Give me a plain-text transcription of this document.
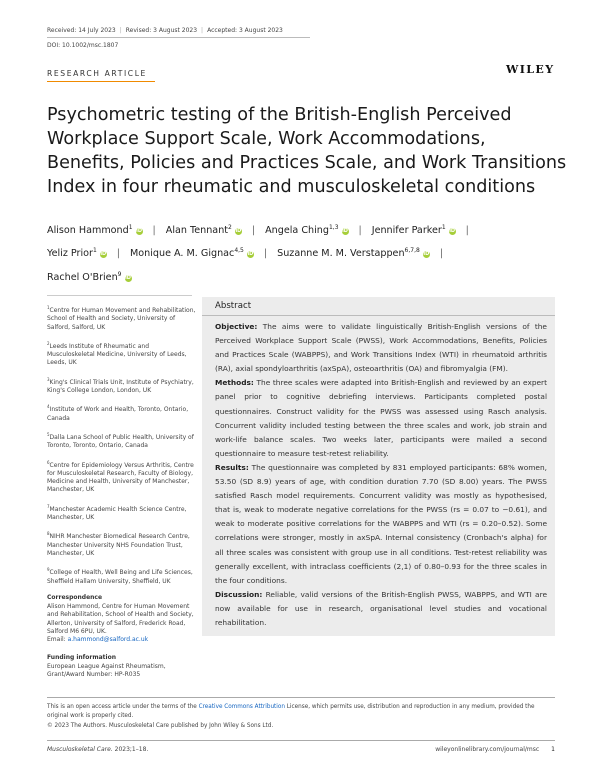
Received: 14 July 2023 | Revised: 3 August 2023 | Accepted: 3 August 2023
DOI: 10.1002/msc.1807
RESEARCH ARTICLE	WILEY
Psychometric testing of the British-English Perceived Workplace Support Scale, Work Accommodations, Benefits, Policies and Practices Scale, and Work Transitions Index in four rheumatic and musculoskeletal conditions
Alison Hammond$^1$iD | Alan Tennant$^2$iD | Angela Ching$^{1,3}$iD | Jennifer Parker$^1$iD |
Yeliz Prior$^1$iD | Monique A. M. Gignac$^{4,5}$iD | Suzanne M. M. Verstappen$^{6,7,8}$iD |
Rachel O'Brien$^9$iD

$^1$Centre for Human Movement and Rehabilitation, School of Health and Society, University of Salford, Salford, UK

$^2$Leeds Institute of Rheumatic and Musculoskeletal Medicine, University of Leeds, Leeds, UK

$^3$King's Clinical Trials Unit, Institute of Psychiatry, King's College London, London, UK

$^4$Institute of Work and Health, Toronto, Ontario, Canada

$^5$Dalla Lana School of Public Health, University of Toronto, Toronto, Ontario, Canada

$^6$Centre for Epidemiology Versus Arthritis, Centre for Musculoskeletal Research, Faculty of Biology, Medicine and Health, University of Manchester, Manchester, UK

$^7$Manchester Academic Health Science Centre, Manchester, UK

$^8$NIHR Manchester Biomedical Research Centre, Manchester University NHS Foundation Trust, Manchester, UK

$^9$College of Health, Well Being and Life Sciences, Sheffield Hallam University, Sheffield, UK

Correspondence

Alison Hammond, Centre for Human Movement and Rehabilitation, School of Health and Society, Allerton, University of Salford, Frederick Road, Salford M6 6PU, UK.
Email: a.hammond@salford.ac.uk

Funding information

European League Against Rheumatism, Grant/Award Number: HP-R035

Abstract

Objective: The aims were to validate linguistically British-English versions of the Perceived Workplace Support Scale (PWSS), Work Accommodations, Benefits, Policies and Practices Scale (WABPPS), and Work Transitions Index (WTI) in rheumatoid arthritis (RA), axial spondyloarthritis (axSpA), osteoarthritis (OA) and fibromyalgia (FM).

Methods: The three scales were adapted into British-English and reviewed by an expert panel prior to cognitive debriefing interviews. Participants completed postal questionnaires. Construct validity for the PWSS was assessed using Rasch analysis. Concurrent validity included testing between the three scales and work, job strain and work-life balance scales. Two weeks later, participants were mailed a second questionnaire to measure test-retest reliability.

Results: The questionnaire was completed by 831 employed participants: 68% women, 53.50 (SD 8.9) years of age, with condition duration 7.70 (SD 8.00) years. The PWSS satisfied Rasch model requirements. Concurrent validity was mostly as hypothesised, that is, weak to moderate negative correlations for the PWSS (rs = 0.07 to −0.61), and weak to moderate positive correlations for the WABPPS and WTI (rs = 0.20–0.52). Some correlations were stronger, mostly in axSpA. Internal consistency (Cronbach's alpha) for all three scales was consistent with group use in all conditions. Test-retest reliability was generally excellent, with intraclass coefficients (2,1) of 0.80–0.93 for the three scales in the four conditions.

Discussion: Reliable, valid versions of the British-English PWSS, WABPPS, and WTI are now available for use in research, organisational level studies and vocational rehabilitation.

This is an open access article under the terms of the Creative Commons Attribution License, which permits use, distribution and reproduction in any medium, provided the original work is properly cited.
© 2023 The Authors. Musculoskeletal Care published by John Wiley & Sons Ltd.
Musculoskeletal Care. 2023;1–18.	wileyonlinelibrary.com/journal/msc 1
